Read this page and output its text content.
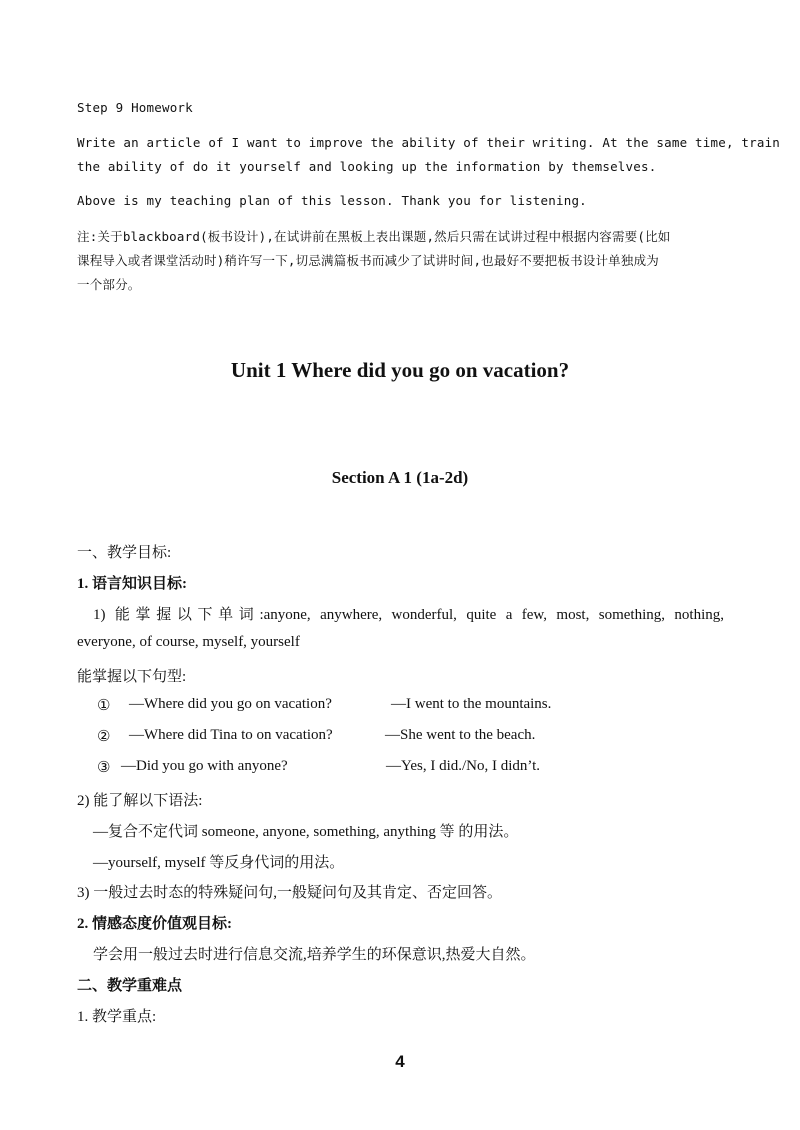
Step 9 Homework
Write an article of I want to improve the ability of their writing. At the same time, train
the ability of do it yourself and looking up the information by themselves.
Above is my teaching plan of this lesson. Thank you for listening.
注:关于blackboard(板书设计),在试讲前在黑板上表出课题,然后只需在试讲过程中根据内容需要(比如
课程导入或者课堂活动时)稍许写一下,切忌满篇板书而减少了试讲时间,也最好不要把板书设计单独成为
一个部分。
Unit 1 Where did you go on vacation?
Section A 1 (1a-2d)
一、教学目标:
1. 语言知识目标:
1) 能掌握以下单词:anyone, anywhere, wonderful, quite a few, most, something, nothing,
everyone, of course, myself, yourself
能掌握以下句型:
① —Where did you go on vacation?	—I went to the mountains.
② —Where did Tina to on vacation?	—She went to the beach.
③ —Did you go with anyone?	—Yes, I did./No, I didn’t.
2) 能了解以下语法:
—复合不定代词 someone, anyone, something, anything 等 的用法。
—yourself, myself 等反身代词的用法。
3) 一般过去时态的特殊疑问句,一般疑问句及其肯定、否定回答。
2. 情感态度价值观目标:
学会用一般过去时进行信息交流,培养学生的环保意识,热爱大自然。
二、教学重难点
1. 教学重点:
4
